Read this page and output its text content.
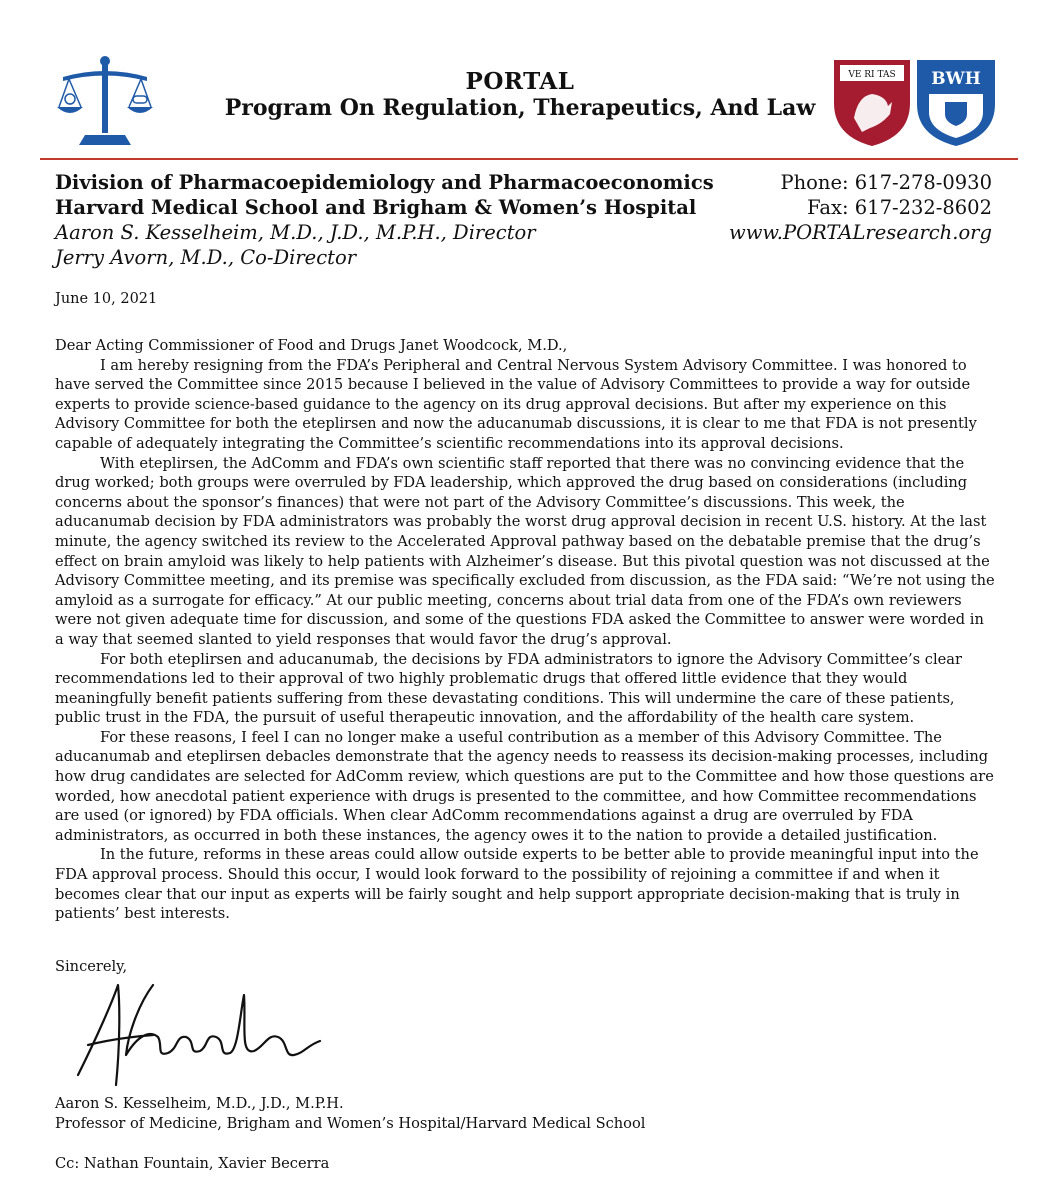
PORTAL
Program On Regulation, Therapeutics, And Law
VE RI TAS BWH
Division of Pharmacoepidemiology and Pharmacoeconomics
Harvard Medical School and Brigham & Women’s Hospital
Aaron S. Kesselheim, M.D., J.D., M.P.H., Director
Jerry Avorn, M.D., Co-Director
Phone: 617-278-0930
Fax: 617-232-8602
www.PORTALresearch.org
June 10, 2021

Dear Acting Commissioner of Food and Drugs Janet Woodcock, M.D.,

I am hereby resigning from the FDA’s Peripheral and Central Nervous System Advisory Committee. I was honored to have served the Committee since 2015 because I believed in the value of Advisory Committees to provide a way for outside experts to provide science-based guidance to the agency on its drug approval decisions. But after my experience on this Advisory Committee for both the eteplirsen and now the aducanumab discussions, it is clear to me that FDA is not presently capable of adequately integrating the Committee’s scientific recommendations into its approval decisions.

With eteplirsen, the AdComm and FDA’s own scientific staff reported that there was no convincing evidence that the drug worked; both groups were overruled by FDA leadership, which approved the drug based on considerations (including concerns about the sponsor’s finances) that were not part of the Advisory Committee’s discussions. This week, the aducanumab decision by FDA administrators was probably the worst drug approval decision in recent U.S. history. At the last minute, the agency switched its review to the Accelerated Approval pathway based on the debatable premise that the drug’s effect on brain amyloid was likely to help patients with Alzheimer’s disease. But this pivotal question was not discussed at the Advisory Committee meeting, and its premise was specifically excluded from discussion, as the FDA said: “We’re not using the amyloid as a surrogate for efficacy.” At our public meeting, concerns about trial data from one of the FDA’s own reviewers were not given adequate time for discussion, and some of the questions FDA asked the Committee to answer were worded in a way that seemed slanted to yield responses that would favor the drug’s approval.

For both eteplirsen and aducanumab, the decisions by FDA administrators to ignore the Advisory Committee’s clear recommendations led to their approval of two highly problematic drugs that offered little evidence that they would meaningfully benefit patients suffering from these devastating conditions. This will undermine the care of these patients, public trust in the FDA, the pursuit of useful therapeutic innovation, and the affordability of the health care system.

For these reasons, I feel I can no longer make a useful contribution as a member of this Advisory Committee. The aducanumab and eteplirsen debacles demonstrate that the agency needs to reassess its decision-making processes, including how drug candidates are selected for AdComm review, which questions are put to the Committee and how those questions are worded, how anecdotal patient experience with drugs is presented to the committee, and how Committee recommendations are used (or ignored) by FDA officials. When clear AdComm recommendations against a drug are overruled by FDA administrators, as occurred in both these instances, the agency owes it to the nation to provide a detailed justification.

In the future, reforms in these areas could allow outside experts to be better able to provide meaningful input into the FDA approval process. Should this occur, I would look forward to the possibility of rejoining a committee if and when it becomes clear that our input as experts will be fairly sought and help support appropriate decision-making that is truly in patients’ best interests.

Sincerely,
Aaron S. Kesselheim, M.D., J.D., M.P.H.
Professor of Medicine, Brigham and Women’s Hospital/Harvard Medical School
Cc: Nathan Fountain, Xavier Becerra
